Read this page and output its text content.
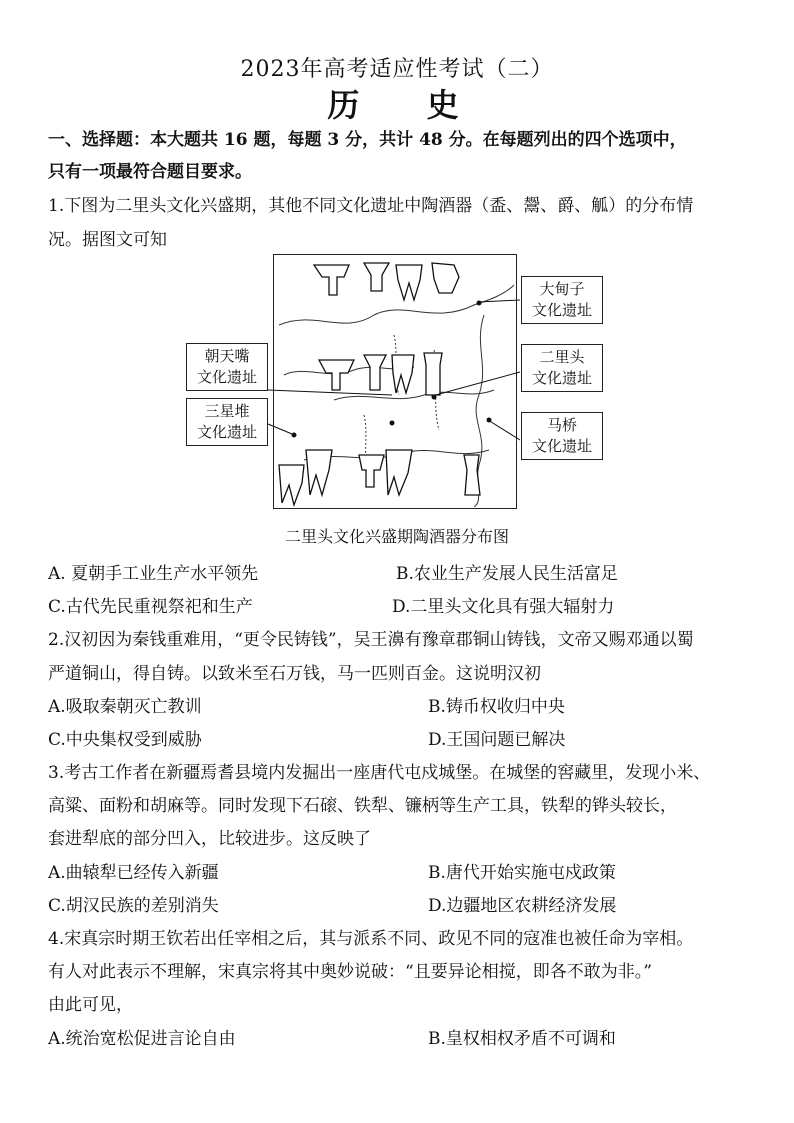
2023年高考适应性考试（二）
历 史
一、选择题：本大题共 16 题，每题 3 分，共计 48 分。在每题列出的四个选项中，
只有一项最符合题目要求。
1.下图为二里头文化兴盛期，其他不同文化遗址中陶酒器（盉、鬶、爵、觚）的分布情
况。据图文可知
大甸子
文化遗址
朝天嘴
文化遗址
二里头
文化遗址
三星堆
文化遗址	马桥
文化遗址
二里头文化兴盛期陶酒器分布图
A. 夏朝手工业生产水平领先	B.农业生产发展人民生活富足
C.古代先民重视祭祀和生产	D.二里头文化具有强大辐射力
2.汉初因为秦钱重难用，“更令民铸钱”，吴王濞有豫章郡铜山铸钱，文帝又赐邓通以蜀
严道铜山，得自铸。以致米至石万钱，马一匹则百金。这说明汉初
A.吸取秦朝灭亡教训	B.铸币权收归中央
C.中央集权受到威胁	D.王国问题已解决
3.考古工作者在新疆焉耆县境内发掘出一座唐代屯戍城堡。在城堡的窖藏里，发现小米、
高粱、面粉和胡麻等。同时发现下石磙、铁犁、镰柄等生产工具，铁犁的铧头较长，
套进犁底的部分凹入，比较进步。这反映了
A.曲辕犁已经传入新疆	B.唐代开始实施屯戍政策
C.胡汉民族的差别消失	D.边疆地区农耕经济发展
4.宋真宗时期王钦若出任宰相之后，其与派系不同、政见不同的寇准也被任命为宰相。
有人对此表示不理解，宋真宗将其中奥妙说破：“且要异论相搅，即各不敢为非。”
由此可见，
A.统治宽松促进言论自由	B.皇权相权矛盾不可调和
